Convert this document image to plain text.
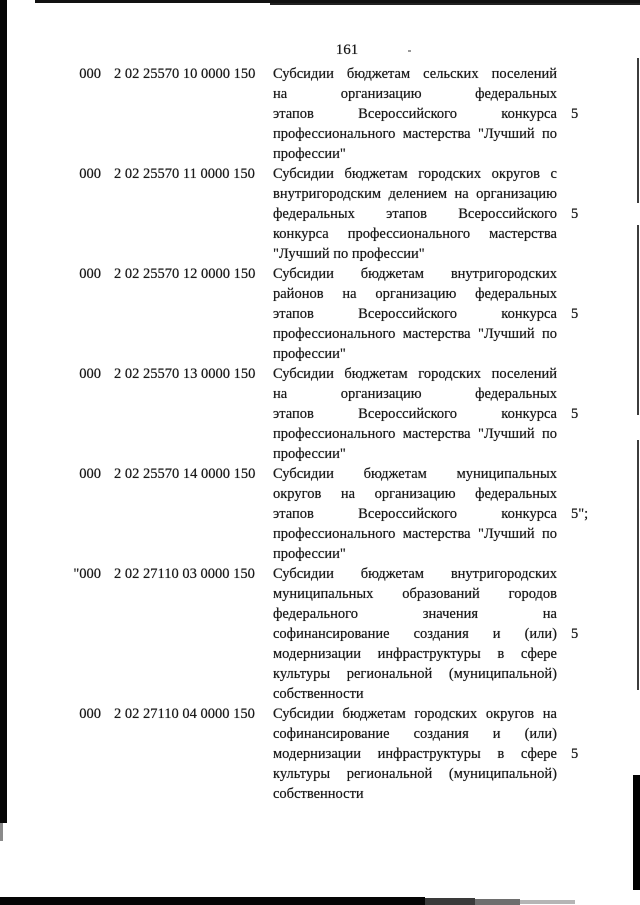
161
000 2 02 25570 10 0000 150	Субсидии бюджетам сельских поселений
на организацию федеральных
этапов Всероссийского конкурса
профессионального мастерства "Лучший по
профессии"
5
000 2 02 25570 11 0000 150	Субсидии бюджетам городских округов с
внутригородским делением на организацию
федеральных этапов Всероссийского
конкурса профессионального мастерства
"Лучший по профессии"
5
000 2 02 25570 12 0000 150	Субсидии бюджетам внутригородских
районов на организацию федеральных
этапов Всероссийского конкурса
профессионального мастерства "Лучший по
профессии"
5
000 2 02 25570 13 0000 150	Субсидии бюджетам городских поселений
на организацию федеральных
этапов Всероссийского конкурса
профессионального мастерства "Лучший по
профессии"
5
000 2 02 25570 14 0000 150	Субсидии бюджетам муниципальных
округов на организацию федеральных
этапов Всероссийского конкурса
профессионального мастерства "Лучший по
профессии"
5";
"000 2 02 27110 03 0000 150	Субсидии бюджетам внутригородских
муниципальных образований городов
федерального значения на
софинансирование создания и (или)
модернизации инфраструктуры в сфере
культуры региональной (муниципальной)
собственности
5
000 2 02 27110 04 0000 150	Субсидии бюджетам городских округов на
софинансирование создания и (или)
модернизации инфраструктуры в сфере
культуры региональной (муниципальной)
собственности
5
